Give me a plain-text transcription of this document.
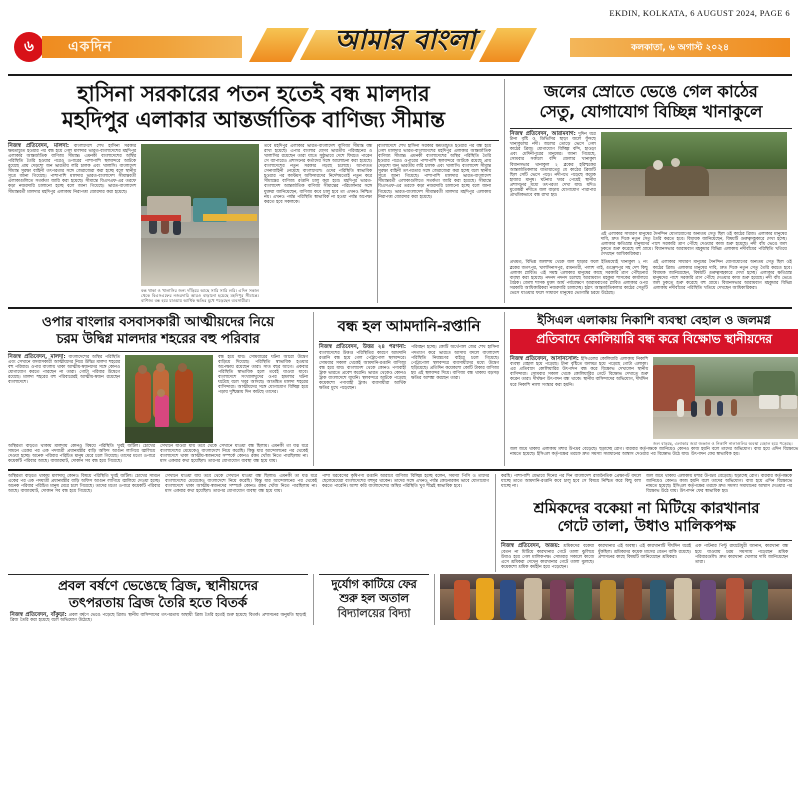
EKDIN, KOLKATA, 6 AUGUST 2024, PAGE 6
৬	একদিন	আমার বাংলা	কলকাতা, ৬ অগাস্ট ২০২৪
হাসিনা সরকারের পতন হতেই বন্ধ মালদার
মহদিপুর এলাকার আন্তর্জাতিক বাণিজ্য সীমান্ত

নিজস্ব প্রতিবেদন, মালদা: বাংলাদেশে শেখ হাসিনা সরকার ক্ষমতাচ্যুত হওয়ার পর বন্ধ হয়ে গেল মালদার ভারত-বাংলাদেশের মহদিপুর এলাকার আন্তর্জাতিক বাণিজ্য সীমান্ত। এমনকী বাংলাদেশের অস্থির পরিস্থিতি তৈরি হওয়ার পরেও ওপারের পাশাপাশি স্থলবন্দরে আটকে রয়েছে প্রায় দেড়শো জন ভারতীয় লরি চালক এবং খালাসি। বাংলাদেশ সীমান্ত সুরক্ষা বাহিনী তৎপরতার সঙ্গে জেরাজেরা করা হচ্ছে বলে স্থানীয় সূত্রে জানা গিয়েছে। পাশাপাশি মালদার ভারত-বাংলাদেশ সীমান্তবর্তী এলাকাগুলিতে সতর্কতা জারি করা হয়েছে। সীমান্তে বিএসএফ-এর তরফে কড়া নজরদারি চালানো হচ্ছে বলে জানা গিয়েছে। ভারত-বাংলাদেশ সীমান্তবর্তী মালদার মহদিপুর এলাকায় নিরাপত্তা জোরদার করা হয়েছে।

বন্ধ থাকা ও খালাসির জন্য দাঁড়িয়ে আছে সারি সারি লরি। এদিন সকাল থেকে বিএসএফের নজরদারি আরও বাড়ানো হয়েছে মহদিপুর সীমান্তে। বাণিজ্য বন্ধ হয়ে যাওয়ায় আর্থিক ক্ষতির মুখে পড়েছেন ব্যবসায়ীরা।

তবে মহদিপুর এলাকার ভারত-বাংলাদেশ বাণিজ্য সীমান্ত বন্ধ রাখা হয়েছে। এপার বাংলার যেসব ভারতীয় পরিবহনের ও খালাসির রয়েছেন তারা যাতে সুষ্ঠুভাবে দেশে ফিরতে পারেন সে ব্যাপারেও প্রশাসনের কর্তাদের সঙ্গে আলোচনা করা হয়েছে। বাংলাদেশের নতুন সরকার গড়ছে চলেছে। আপাতত সেনাবাহিনী নেমেছে বাংলাদেশে। ওদের পরিস্থিতি স্বাভাবিক হওয়ার পর কাস্টমস্ অফিসারদের নির্দেশমতোই নতুন করে সীমান্তের বাণিজ্য রপ্তানি চালু করা হবে। মহদিপুর ভারত-বাংলাদেশ আন্তর্জাতিক বাণিজ্য সীমান্তের পরিচালনার সঙ্গে যুক্তরা জানিয়েছেন, বাণিজ্য কবে চালু হবে তা এখনও নিশ্চিত নয়। এখনও পর্যন্ত পরিস্থিতি স্বাভাবিক না হওয়া পর্যন্ত অপেক্ষা করতে হবে সকলকে।

বাংলাদেশে শেখ হাসিনা সরকার ক্ষমতাচ্যুত হওয়ার পর বন্ধ হয়ে গেল মালদার ভারত-বাংলাদেশের মহদিপুর এলাকার আন্তর্জাতিক বাণিজ্য সীমান্ত। এমনকী বাংলাদেশের অস্থির পরিস্থিতি তৈরি হওয়ার পরেও ওপারের পাশাপাশি স্থলবন্দরে আটকে রয়েছে প্রায় দেড়শো জন ভারতীয় লরি চালক এবং খালাসি। বাংলাদেশ সীমান্ত সুরক্ষা বাহিনী তৎপরতার সঙ্গে জেরাজেরা করা হচ্ছে বলে স্থানীয় সূত্রে জানা গিয়েছে। পাশাপাশি মালদার ভারত-বাংলাদেশ সীমান্তবর্তী এলাকাগুলিতে সতর্কতা জারি করা হয়েছে। সীমান্তে বিএসএফ-এর তরফে কড়া নজরদারি চালানো হচ্ছে বলে জানা গিয়েছে। ভারত-বাংলাদেশ সীমান্তবর্তী মালদার মহদিপুর এলাকায় নিরাপত্তা জোরদার করা হয়েছে।

জলের স্রোতে ভেঙে গেল কাঠের
সেতু, যোগাযোগ বিচ্ছিন্ন খানাকুলে

নিজস্ব প্রতিবেদন, আরামবাগ: দুদিন ধরে টানা বৃষ্টি ও ডিভিসির ছাড়া জলে ফুঁসছে খানাকুলের নদী। জলের তোড়ে ভেসে গেল কাঠের ব্রিজ। যোগাযোগ বিচ্ছিন্ন বন্দি, হাওড়া এবং মেদিনীপুরের মানুষের। জানা গিয়েছে, সোমবার সকালে বন্দি জেলার খানাকুল বিধানসভার থানাকুল ২ ব্লকের হরিশ্চকের আন্তর্জাতিকলার যাতায়াতের যে কাঠের ব্রিজটি ছিল সেটি ভেসে পড়ে। নদীপথে পড়েছে কয়েক হাজার মানুষ। ঘটনার খবর পেয়েই স্থানীয় প্রশাসনের মধ্যে তৎপরতা দেখা যায়। যদিও মুণ্ডেশ্বরী নদীতে জল বাড়ায় যোগাযোগ পারাপার প্রাথমিকভাবে বন্ধ রাখা হয়।

এই এলাকার সাধারণ মানুষের দৈনন্দিন যোগাযোগের অন্যতম সেতু ছিল ওই কাঠের ব্রিজ। এলাকার মানুষের দাবি, দ্রুত দিকে নতুন সেতু তৈরি করতে হবে। বিধায়ক জানিয়েছেন, বিষয়টি গুরুত্বসহকারে দেখা হচ্ছে। এলাকার ক্ষতিগ্রস্ত মানুষদের পাশে সরকারি ত্রাণ পৌঁছে দেওয়ার কাজ শুরু হয়েছে। নদী বাঁধ ভেঙে জল ঢুকতে শুরু করেছে বহু গ্রামে। বিধানসভার আরামবাগ মহকুমার বিভিন্ন এলাকায় নদীবাঁধের পরিস্থিতি খতিয়ে দেখছেন আধিকারিকরা।

প্রথমত, বিভিন্ন জলাশয় থেকে জল ছাড়ার ফলে ইতিমধ্যেই খানাকুল ২ নং ব্লকের জগৎপুর, খালসিনাসপুর, রামনগরী, পলাশ গাই, গুঞ্জেশপুর সহ দেশ কিছু এলাকা প্লাবিত। এই সমস্ত এলাকার মানুষের কাছে সরকারি ত্রাণ পৌঁছনোর ব্যবস্থা করা হয়েছে। নদনদ নদনদ চলেছে আরামবাগ মহকুমা শাসকের কার্যালয়ে বৈঠক। জেলা শাসক মুক্তা আর্য পর্যবেক্ষণে আরামবাগের প্লাবিত এলাকার ওপর সরকারি আধিকারিকরা নজরদারি চালাচ্ছে। হঠাৎ আন্তর্জাতিকলার কাঠের সেতুটি ভেসে যাওয়ার ফলে সাধারণ মানুষের ভোগান্তি চরমে উঠেছে।

এই এলাকার সাধারণ মানুষের দৈনন্দিন যোগাযোগের অন্যতম সেতু ছিল ওই কাঠের ব্রিজ। এলাকার মানুষের দাবি, দ্রুত দিকে নতুন সেতু তৈরি করতে হবে। বিধায়ক জানিয়েছেন, বিষয়টি গুরুত্বসহকারে দেখা হচ্ছে। এলাকার ক্ষতিগ্রস্ত মানুষদের পাশে সরকারি ত্রাণ পৌঁছে দেওয়ার কাজ শুরু হয়েছে। নদী বাঁধ ভেঙে জল ঢুকতে শুরু করেছে বহু গ্রামে। বিধানসভার আরামবাগ মহকুমার বিভিন্ন এলাকায় নদীবাঁধের পরিস্থিতি খতিয়ে দেখছেন আধিকারিকরা।

ওপার বাংলার বসবাসকারী আত্মীয়দের নিয়ে
চরম উদ্বিগ্ন মালদার শহরের বহু পরিবার

নিজস্ব প্রতিবেদন, মালদা: বাংলাদেশের অস্থির পরিস্থিতি এবং সেখানে বসবাসকারী আত্মীয়দের নিয়ে উদ্বিগ্ন মালদা শহরের বহু পরিবার। ওপার বাংলায় থাকা আত্মীয়-স্বজনদের সঙ্গে কোনও যোগাযোগ করতে পারছেন না তারা। গোটা পরিবার উদ্বেগে রয়েছে। মালদা শহরের বহু পরিবারেরই আত্মীয়-স্বজন রয়েছেন বাংলাদেশে।

বন্ধ হয়ে যায়। সোমবারের ঘটনা আরো উদ্বেগ বাড়িয়ে দিয়েছে। পরিস্থিতি স্বাভাবিক হওয়ার অপেক্ষায় রয়েছেন তারা। সাত বছর আগে। একবার পরিস্থিতি স্বাভাবিক হলে তবেই যাওয়া যাবে। বাংলাদেশে সংখ্যালঘুদের ওপর হামলার ঘটনা ঘটেছে বলে খবর আসছে। আতঙ্কিত মালদা শহরের বাসিন্দারা। আত্মীয়দের সঙ্গে যোগাযোগ বিচ্ছিন্ন হয়ে পড়ায় দুশ্চিন্তায় দিন কাটছে তাদের।

অস্থিরতা বাড়তে থাকায় মালদায় কোনও বিষয়ে পরিস্থিতি খুবই জটিল। চোখের সামনে একের পর এক পদযাত্রী প্রধানমন্ত্রীর বাড়ি অফিস আগুন লাগিয়ে জ্বালিয়ে দেওয়া হচ্ছে। অনেক পরিবার পরিচিত মানুষ মেরে চলে গিয়েছে। তাদের মতো ওপারে কয়েকটি পরিবার আছে। বাজারঘাট, দোকান সব বন্ধ হয়ে গিয়েছে।

সেখানে যাওয়া যায় তবে থেকে সেখানে যাওয়া বন্ধ ছিলাম। এমনকী তা যত্ন ধরে বাংলাদেশের মেয়েকেও বাংলাদেশে নিয়ে করেছি। কিন্তু যার আন্দোলনের পর থেকেই বাংলাদেশে থাকা আত্মীয়-স্বজনদের সম্পর্কে কোনও রকম খোঁজ নিতে পারছিলাম না। মাস একবার কথা হয়েছিল। তারপর যোগাযোগ ব্যবস্থা বন্ধ হয়ে যায়।

বন্ধ হল আমদানি-রপ্তানি

নিজস্ব প্রতিবেদন, উত্তর ২৪ পরগনা: বাংলাদেশের উত্তপ্ত পরিস্থিতির কারণে আমদানি রপ্তানি বন্ধ হয়ে গেল পেট্রাপোল স্থলবন্দরে। সোমবার সকাল থেকেই আমদানি-রপ্তানি বাণিজ্য বন্ধ হয়ে যায়। বাংলাদেশ থেকে কোনও পণ্যবাহী ট্রাক ভারতে প্রবেশ করেনি। ভারত থেকেও কোনও ট্রাক বাংলাদেশে যায়নি। স্থলবন্দরে আটকে পড়েছে কয়েকশো পণ্যবাহী ট্রাক। ব্যবসায়ীরা আর্থিক ক্ষতির মুখে পড়েছেন।

পরিবহন হচ্ছে। কোটি অর্থেপাল জের শেখ হাসিনা পদত্যাগ করে ভারতে আসায় বদলে বাংলাদেশ পরিস্থিতি নিয়ন্ত্রণের বাইরে চলে গিয়েছে। পেট্রাপোল স্থলবন্দরে ব্যবসায়ীদের মধ্যে উদ্বেগ ছড়িয়েছে। প্রতিদিন কয়েকশো কোটি টাকার বাণিজ্য হয় এই স্থলবন্দর দিয়ে। বাণিজ্য বন্ধ থাকায় বড়সড় ক্ষতির আশঙ্কা করছেন তারা।

ইসিএল এলাকায় নিকাশি ব্যবস্থা বেহাল ও জলমগ্ন
প্রতিবাদে কোলিয়ারি বন্ধ করে বিক্ষোভ স্থানীয়দের

নিজস্ব প্রতিবেদন, আসানসোল: ইসিএলের কোলিয়ারি এলাকায় নিকাশি ব্যবস্থা বেহাল হয়ে পড়েছে। টানা বৃষ্টিতে জলমগ্ন হয়ে পড়েছে গোটা এলাকা। এর প্রতিবাদে কোলিয়ারির উৎপাদন বন্ধ করে বিক্ষোভ দেখালেন স্থানীয় বাসিন্দারা। সোমবার সকাল থেকে কোলিয়ারির গেটে বিক্ষোভ দেখাতে শুরু করেন তারা। দীর্ঘক্ষণ উৎপাদন বন্ধ থাকে। স্থানীয় বাসিন্দাদের অভিযোগ, দীর্ঘদিন ধরে নিকাশি নালা সংস্কার করা হয়নি।

জল বাড়ছে, এলাকার জমা জঞ্জাল ও নিকাশি নালাগুলির অবস্থা বেহাল হয়ে পড়েছে।

জল জমে থাকায় এলাকায় মশার উপদ্রব বেড়েছে। ছড়াচ্ছে রোগ। বারবার কর্তৃপক্ষকে জানিয়েও কোনও কাজ হয়নি বলে তাদের অভিযোগ। বাধ্য হয়ে এদিন বিক্ষোভে নামতে হয়েছে। ইসিএল কর্তৃপক্ষের তরফে দ্রুত সমস্যা সমাধানের আশ্বাস দেওয়ার পর বিক্ষোভ উঠে যায়। উৎপাদন ফের স্বাভাবিক হয়।

অস্থিরতা বাড়তে থাকায় মালদায় কোনও বিষয়ে পরিস্থিতি খুবই জটিল। চোখের সামনে একের পর এক পদযাত্রী প্রধানমন্ত্রীর বাড়ি অফিস আগুন লাগিয়ে জ্বালিয়ে দেওয়া হচ্ছে। অনেক পরিবার পরিচিত মানুষ মেরে চলে গিয়েছে। তাদের মতো ওপারে কয়েকটি পরিবার আছে। বাজারঘাট, দোকান সব বন্ধ হয়ে গিয়েছে।

সেখানে যাওয়া যায় তবে থেকে সেখানে যাওয়া বন্ধ ছিলাম। এমনকী তা যত্ন ধরে বাংলাদেশের মেয়েকেও বাংলাদেশে নিয়ে করেছি। কিন্তু যার আন্দোলনের পর থেকেই বাংলাদেশে থাকা আত্মীয়-স্বজনদের সম্পর্কে কোনও রকম খোঁজ নিতে পারছিলাম না। মাস একবার কথা হয়েছিল। তারপর যোগাযোগ ব্যবস্থা বন্ধ হয়ে যায়।

পাশা ধরবেসের কৃষিপণ্য রপ্তানি আরাবে বাণিজ্য বিচ্ছিন্ন হচ্ছে বলেন, সমস্যা পিসি ও তাদের ছেলেমেয়েরা বাংলাদেশের বহুদূর থাকেন। তাদের সঙ্গে এখনও পর্যন্ত কোনোরকম ভাবে যোগাযোগ করতে পারেনি। আশা করি বাংলাদেশের অস্থির পরিস্থিতি খুব শীঘ্রই স্বাভাবিক হবে।

করছি। পাশাপাশি যেভাবে দিনের পর দিন বাংলাদেশ রাজনৈতিক প্রেক্ষাপট বদলে যাচ্ছে তাতে আমদানি-রপ্তানি কবে চালু হবে সে বিষয়ে নিশ্চিত করে কিছু বলা যাচ্ছে না।

জল জমে থাকায় এলাকায় মশার উপদ্রব বেড়েছে। ছড়াচ্ছে রোগ। বারবার কর্তৃপক্ষকে জানিয়েও কোনও কাজ হয়নি বলে তাদের অভিযোগ। বাধ্য হয়ে এদিন বিক্ষোভে নামতে হয়েছে। ইসিএল কর্তৃপক্ষের তরফে দ্রুত সমস্যা সমাধানের আশ্বাস দেওয়ার পর বিক্ষোভ উঠে যায়। উৎপাদন ফের স্বাভাবিক হয়।

শ্রমিকদের বকেয়া না মিটিয়ে কারখানার
গেটে তালা, উধাও মালিকপক্ষ

নিজস্ব প্রতিবেদন, অজয়: শ্রমিকদের বকেয়া বেতন না মিটিয়ে কারখানার গেটে তালা ঝুলিয়ে উধাও হয়ে গেল মালিকপক্ষ। সোমবার সকালে কাজে এসে শ্রমিকরা দেখেন কারখানার গেটে তালা ঝুলছে। কয়েকশো শ্রমিক কর্মহীন হয়ে পড়েছেন।

কারখানার এই অবস্থা। এই কারখানাটি দীর্ঘদিন ধরেই ধুঁকছিল। শ্রমিকদের কয়েক মাসের বেতন বাকি রয়েছে। প্রশাসনের কাছে বিষয়টি জানিয়েছেন শ্রমিকরা।

এক পাটনার পিন্টু রায়চৌধুরী জানান, কারখানা বন্ধ হয়ে যাওয়ায় চরম সমস্যায় পড়েছেন শ্রমিক পরিবারগুলি। দ্রুত কারখানা খোলার দাবি জানিয়েছেন তারা।

প্রবল বর্ষণে ভেঙেছে ব্রিজ, স্থানীয়দের
তৎপরতায় ব্রিজ তৈরি হতে বিতর্ক

নিজস্ব প্রতিবেদন, বাঁকুড়া: প্রবল বর্ষণে ভেঙে পড়েছে ব্রিজ। স্থানীয় বাসিন্দাদের তৎপরতায় অস্থায়ী ব্রিজ তৈরি হতেই শুরু হয়েছে বিতর্ক। প্রশাসনের অনুমতি ছাড়াই ব্রিজ তৈরি করা হয়েছে বলে অভিযোগ উঠেছে।

দুর্যোগ কাটিয়ে ফের
শুরু হল অতাল
বিদ্যালয়ের বিদ্যা
